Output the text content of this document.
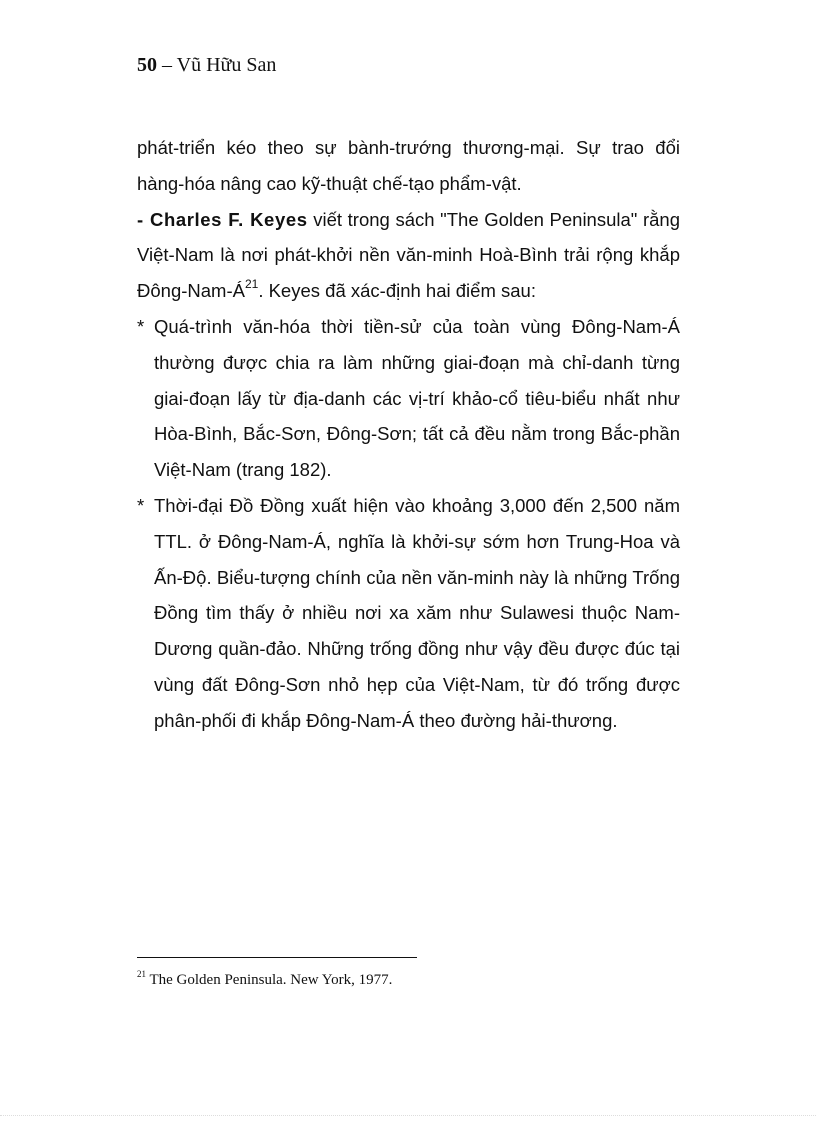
50 – Vũ Hữu San

phát-triển kéo theo sự bành-trướng thương-mại. Sự trao đổi hàng-hóa nâng cao kỹ-thuật chế-tạo phẩm-vật.

- Charles F. Keyes viết trong sách "The Golden Peninsula" rằng Việt-Nam là nơi phát-khởi nền văn-minh Hoà-Bình trải rộng khắp Đông-$Nam-Á^{21}$. Keyes đã xác-định hai điểm sau:

* Quá-trình văn-hóa thời tiền-sử của toàn vùng Đông-Nam-Á thường được chia ra làm những giai-đoạn mà chỉ-danh từng giai-đoạn lấy từ địa-danh các vị-trí khảo-cổ tiêu-biểu nhất như Hòa-Bình, Bắc-Sơn, Đông-Sơn; tất cả đều nằm trong Bắc-phần Việt-Nam (trang 182).

* Thời-đại Đồ Đồng xuất hiện vào khoảng 3,000 đến 2,500 năm TTL. ở Đông-Nam-Á, nghĩa là khởi-sự sớm hơn Trung-Hoa và Ấn-Độ. Biểu-tượng chính của nền văn-minh này là những Trống Đồng tìm thấy ở nhiều nơi xa xăm như Sulawesi thuộc Nam-Dương quần-đảo. Những trống đồng như vậy đều được đúc tại vùng đất Đông-Sơn nhỏ hẹp của Việt-Nam, từ đó trống được phân-phối đi khắp Đông-Nam-Á theo đường hải-thương.

$^{21}$ The Golden Peninsula. New York, 1977.
